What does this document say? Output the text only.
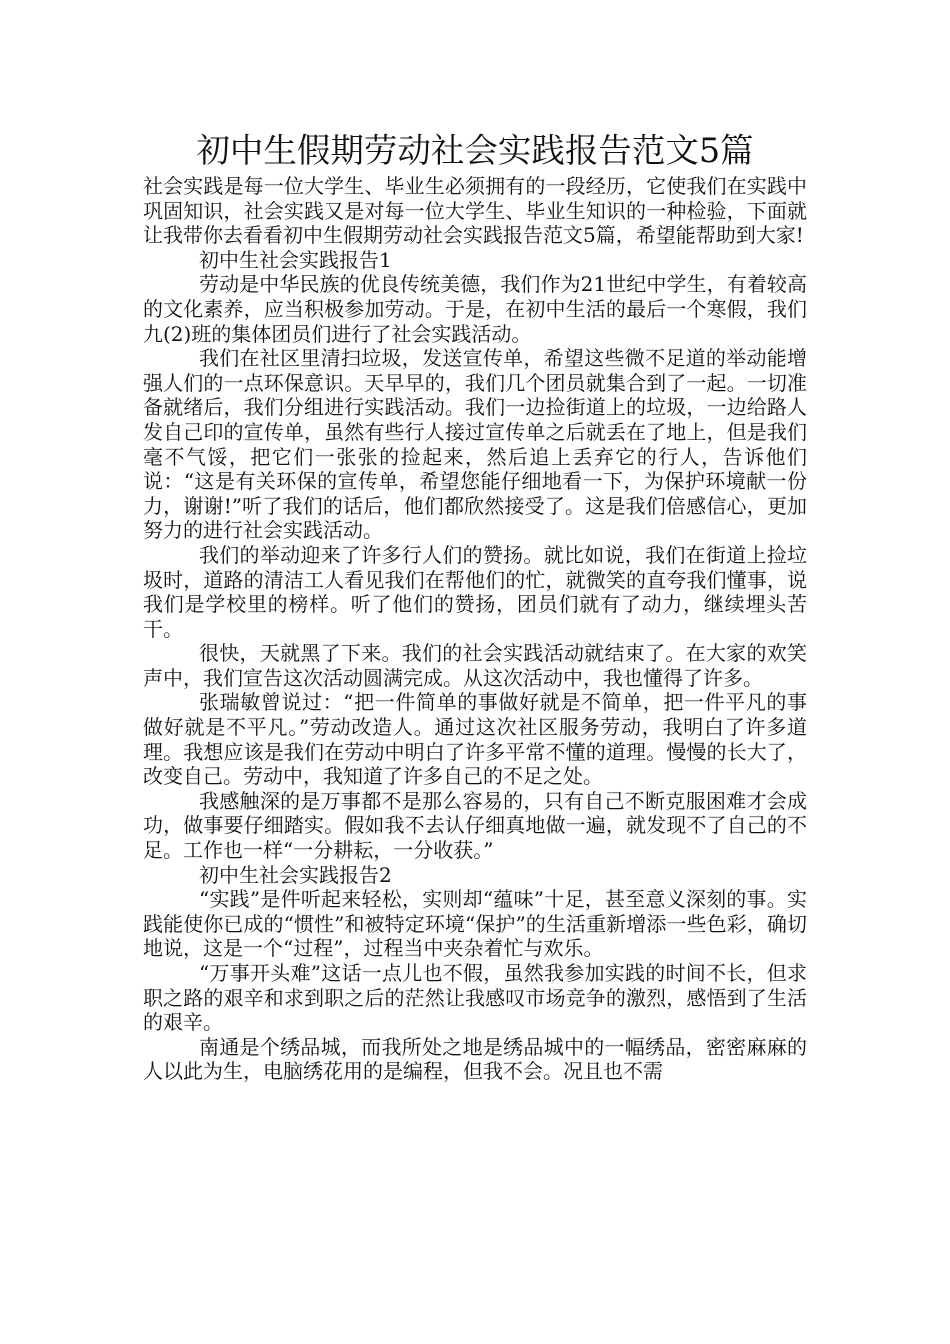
初中生假期劳动社会实践报告范文5篇

社会实践是每一位大学生、毕业生必须拥有的一段经历，它使我们在实践中巩固知识，社会实践又是对每一位大学生、毕业生知识的一种检验，下面就让我带你去看看初中生假期劳动社会实践报告范文5篇，希望能帮助到大家!

初中生社会实践报告1

劳动是中华民族的优良传统美德，我们作为21世纪中学生，有着较高的文化素养，应当积极参加劳动。于是，在初中生活的最后一个寒假，我们九(2)班的集体团员们进行了社会实践活动。

我们在社区里清扫垃圾，发送宣传单，希望这些微不足道的举动能增强人们的一点环保意识。天早早的，我们几个团员就集合到了一起。一切准备就绪后，我们分组进行实践活动。我们一边捡街道上的垃圾，一边给路人发自己印的宣传单，虽然有些行人接过宣传单之后就丢在了地上，但是我们毫不气馁，把它们一张张的捡起来，然后追上丢弃它的行人，告诉他们说：“这是有关环保的宣传单，希望您能仔细地看一下，为保护环境献一份力，谢谢!”听了我们的话后，他们都欣然接受了。这是我们倍感信心，更加努力的进行社会实践活动。

我们的举动迎来了许多行人们的赞扬。就比如说，我们在街道上捡垃圾时，道路的清洁工人看见我们在帮他们的忙，就微笑的直夸我们懂事，说我们是学校里的榜样。听了他们的赞扬，团员们就有了动力，继续埋头苦干。

很快，天就黑了下来。我们的社会实践活动就结束了。在大家的欢笑声中，我们宣告这次活动圆满完成。从这次活动中，我也懂得了许多。

张瑞敏曾说过：“把一件简单的事做好就是不简单，把一件平凡的事做好就是不平凡。”劳动改造人。通过这次社区服务劳动，我明白了许多道理。我想应该是我们在劳动中明白了许多平常不懂的道理。慢慢的长大了，改变自己。劳动中，我知道了许多自己的不足之处。

我感触深的是万事都不是那么容易的，只有自己不断克服困难才会成功，做事要仔细踏实。假如我不去认仔细真地做一遍，就发现不了自己的不足。工作也一样“一分耕耘，一分收获。”

初中生社会实践报告2

“实践”是件听起来轻松，实则却“蕴味”十足，甚至意义深刻的事。实践能使你已成的“惯性”和被特定环境“保护”的生活重新增添一些色彩，确切地说，这是一个“过程”，过程当中夹杂着忙与欢乐。

“万事开头难”这话一点儿也不假，虽然我参加实践的时间不长，但求职之路的艰辛和求到职之后的茫然让我感叹市场竞争的激烈，感悟到了生活的艰辛。

南通是个绣品城，而我所处之地是绣品城中的一幅绣品，密密麻麻的人以此为生，电脑绣花用的是编程，但我不会。况且也不需
